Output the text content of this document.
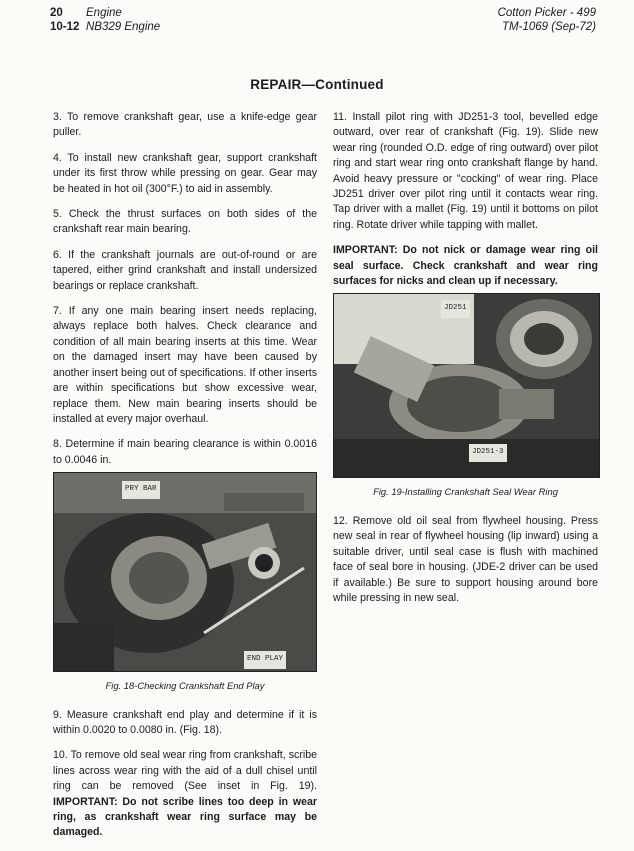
20 Engine
10-12 NB329 Engine
Cotton Picker - 499
TM-1069 (Sep-72)
REPAIR—Continued

3. To remove crankshaft gear, use a knife-edge gear puller.

4. To install new crankshaft gear, support crankshaft under its first throw while pressing on gear. Gear may be heated in hot oil (300°F.) to aid in assembly.

5. Check the thrust surfaces on both sides of the crankshaft rear main bearing.

6. If the crankshaft journals are out-of-round or are tapered, either grind crankshaft and install undersized bearings or replace crankshaft.

7. If any one main bearing insert needs replacing, always replace both halves. Check clearance and condition of all main bearing inserts at this time. Wear on the damaged insert may have been caused by another insert being out of specifications. If other inserts are within specifications but show excessive wear, replace them. New main bearing inserts should be installed at every major overhaul.

8. Determine if main bearing clearance is within 0.0016 to 0.0046 in.

PRY BAR
END PLAY
Fig. 18-Checking Crankshaft End Play

9. Measure crankshaft end play and determine if it is within 0.0020 to 0.0080 in. (Fig. 18).

10. To remove old seal wear ring from crankshaft, scribe lines across wear ring with the aid of a dull chisel until ring can be removed (See inset in Fig. 19). IMPORTANT: Do not scribe lines too deep in wear ring, as crankshaft wear ring surface may be damaged.

11. Install pilot ring with JD251-3 tool, bevelled edge outward, over rear of crankshaft (Fig. 19). Slide new wear ring (rounded O.D. edge of ring outward) over pilot ring and start wear ring onto crankshaft flange by hand. Avoid heavy pressure or "cocking" of wear ring. Place JD251 driver over pilot ring until it contacts wear ring. Tap driver with a mallet (Fig. 19) until it bottoms on pilot ring. Rotate driver while tapping with mallet.

IMPORTANT: Do not nick or damage wear ring oil seal surface. Check crankshaft and wear ring surfaces for nicks and clean up if necessary.

JD251
JD251-3
Fig. 19-Installing Crankshaft Seal Wear Ring

12. Remove old oil seal from flywheel housing. Press new seal in rear of flywheel housing (lip inward) using a suitable driver, until seal case is flush with machined face of seal bore in housing. (JDE-2 driver can be used if available.) Be sure to support housing around bore while pressing in new seal.
